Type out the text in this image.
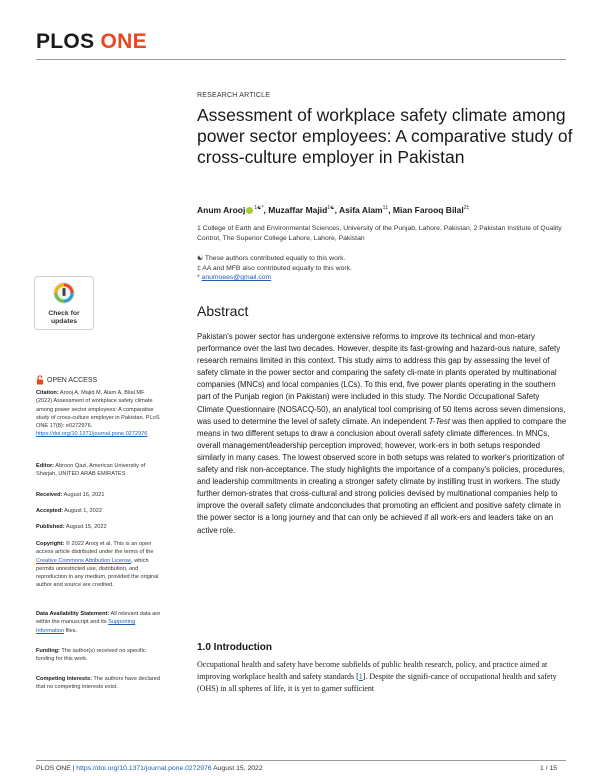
PLOS ONE
Check for
updates
OPEN ACCESS
Citation: Arooj A, Majid M, Alam A, Bilal MF (2022) Assessment of workplace safety climate among power sector employees: A comparative study of cross-culture employer in Pakistan. PLoS ONE 17(8): e0272976. https://doi.org/10.1371/journal.pone.0272976
Editor: Abroon Qazi, American University of Sharjah, UNITED ARAB EMIRATES
Received: August 16, 2021
Accepted: August 1, 2022
Published: August 15, 2022
Copyright: © 2022 Arooj et al. This is an open access article distributed under the terms of the Creative Commons Attribution License, which permits unrestricted use, distribution, and reproduction in any medium, provided the original author and source are credited.
Data Availability Statement: All relevant data are within the manuscript and its Supporting Information files.
Funding: The author(s) received no specific funding for this work.
Competing interests: The authors have declared that no competing interests exist.
RESEARCH ARTICLE
Assessment of workplace safety climate among power sector employees: A comparative study of cross-culture employer in Pakistan
Anum Arooj $^{1☯*}$, Muzaffar Majid$^{1☯}$, Asifa Alam$^{1\ddagger}$, Mian Farooq Bilal$^{2\ddagger}$
1 College of Earth and Environmental Sciences, University of the Punjab, Lahore, Pakistan, 2 Pakistan Institute of Quality Control, The Superior College Lahore, Lahore, Pakistan
☯ These authors contributed equally to this work.
‡ AA and MFB also contributed equally to this work.
* anumoees@gmail.com
Abstract
Pakistan's power sector has undergone extensive reforms to improve its technical and mon-etary performance over the last two decades. However, despite its fast-growing and hazard-ous nature, safety research remains limited in this context. This study aims to address this gap by assessing the level of safety climate in the power sector and comparing the safety cli-mate in plants operated by multinational companies (MNCs) and local companies (LCs). To this end, five power plants operating in the southern part of the Punjab region (in Pakistan) were included in this study. The Nordic Occupational Safety Climate Questionnaire (NOSACQ-50), an analytical tool comprising of 50 items across seven dimensions, was used to determine the level of safety climate. An independent T-Test was then applied to compare the means in two different setups to draw a conclusion about overall safety climate differences. In MNCs, overall management/leadership perception improved; however, work-ers in both setups responded similarly in many cases. The lowest observed score in both setups was related to worker's prioritization of safety and risk non-acceptance. The study highlights the importance of a company's policies, procedures, and leadership commitments in creating a stronger safety climate by instilling trust in workers. The study further demon-strates that cross-cultural and strong policies devised by multinational companies help to improve the overall safety climate andconcludes that promoting an efficient and positive safety climate in the power sector is a long journey and that can only be achieved if all work-ers and leaders take on an active role.
1.0 Introduction
Occupational health and safety have become subfields of public health research, policy, and practice aimed at improving workplace health and safety standards [1]. Despite the signifi-cance of occupational health and safety (OHS) in all spheres of life, it is yet to garner sufficient
PLOS ONE | https://doi.org/10.1371/journal.pone.0272976 August 15, 2022	1 / 15
